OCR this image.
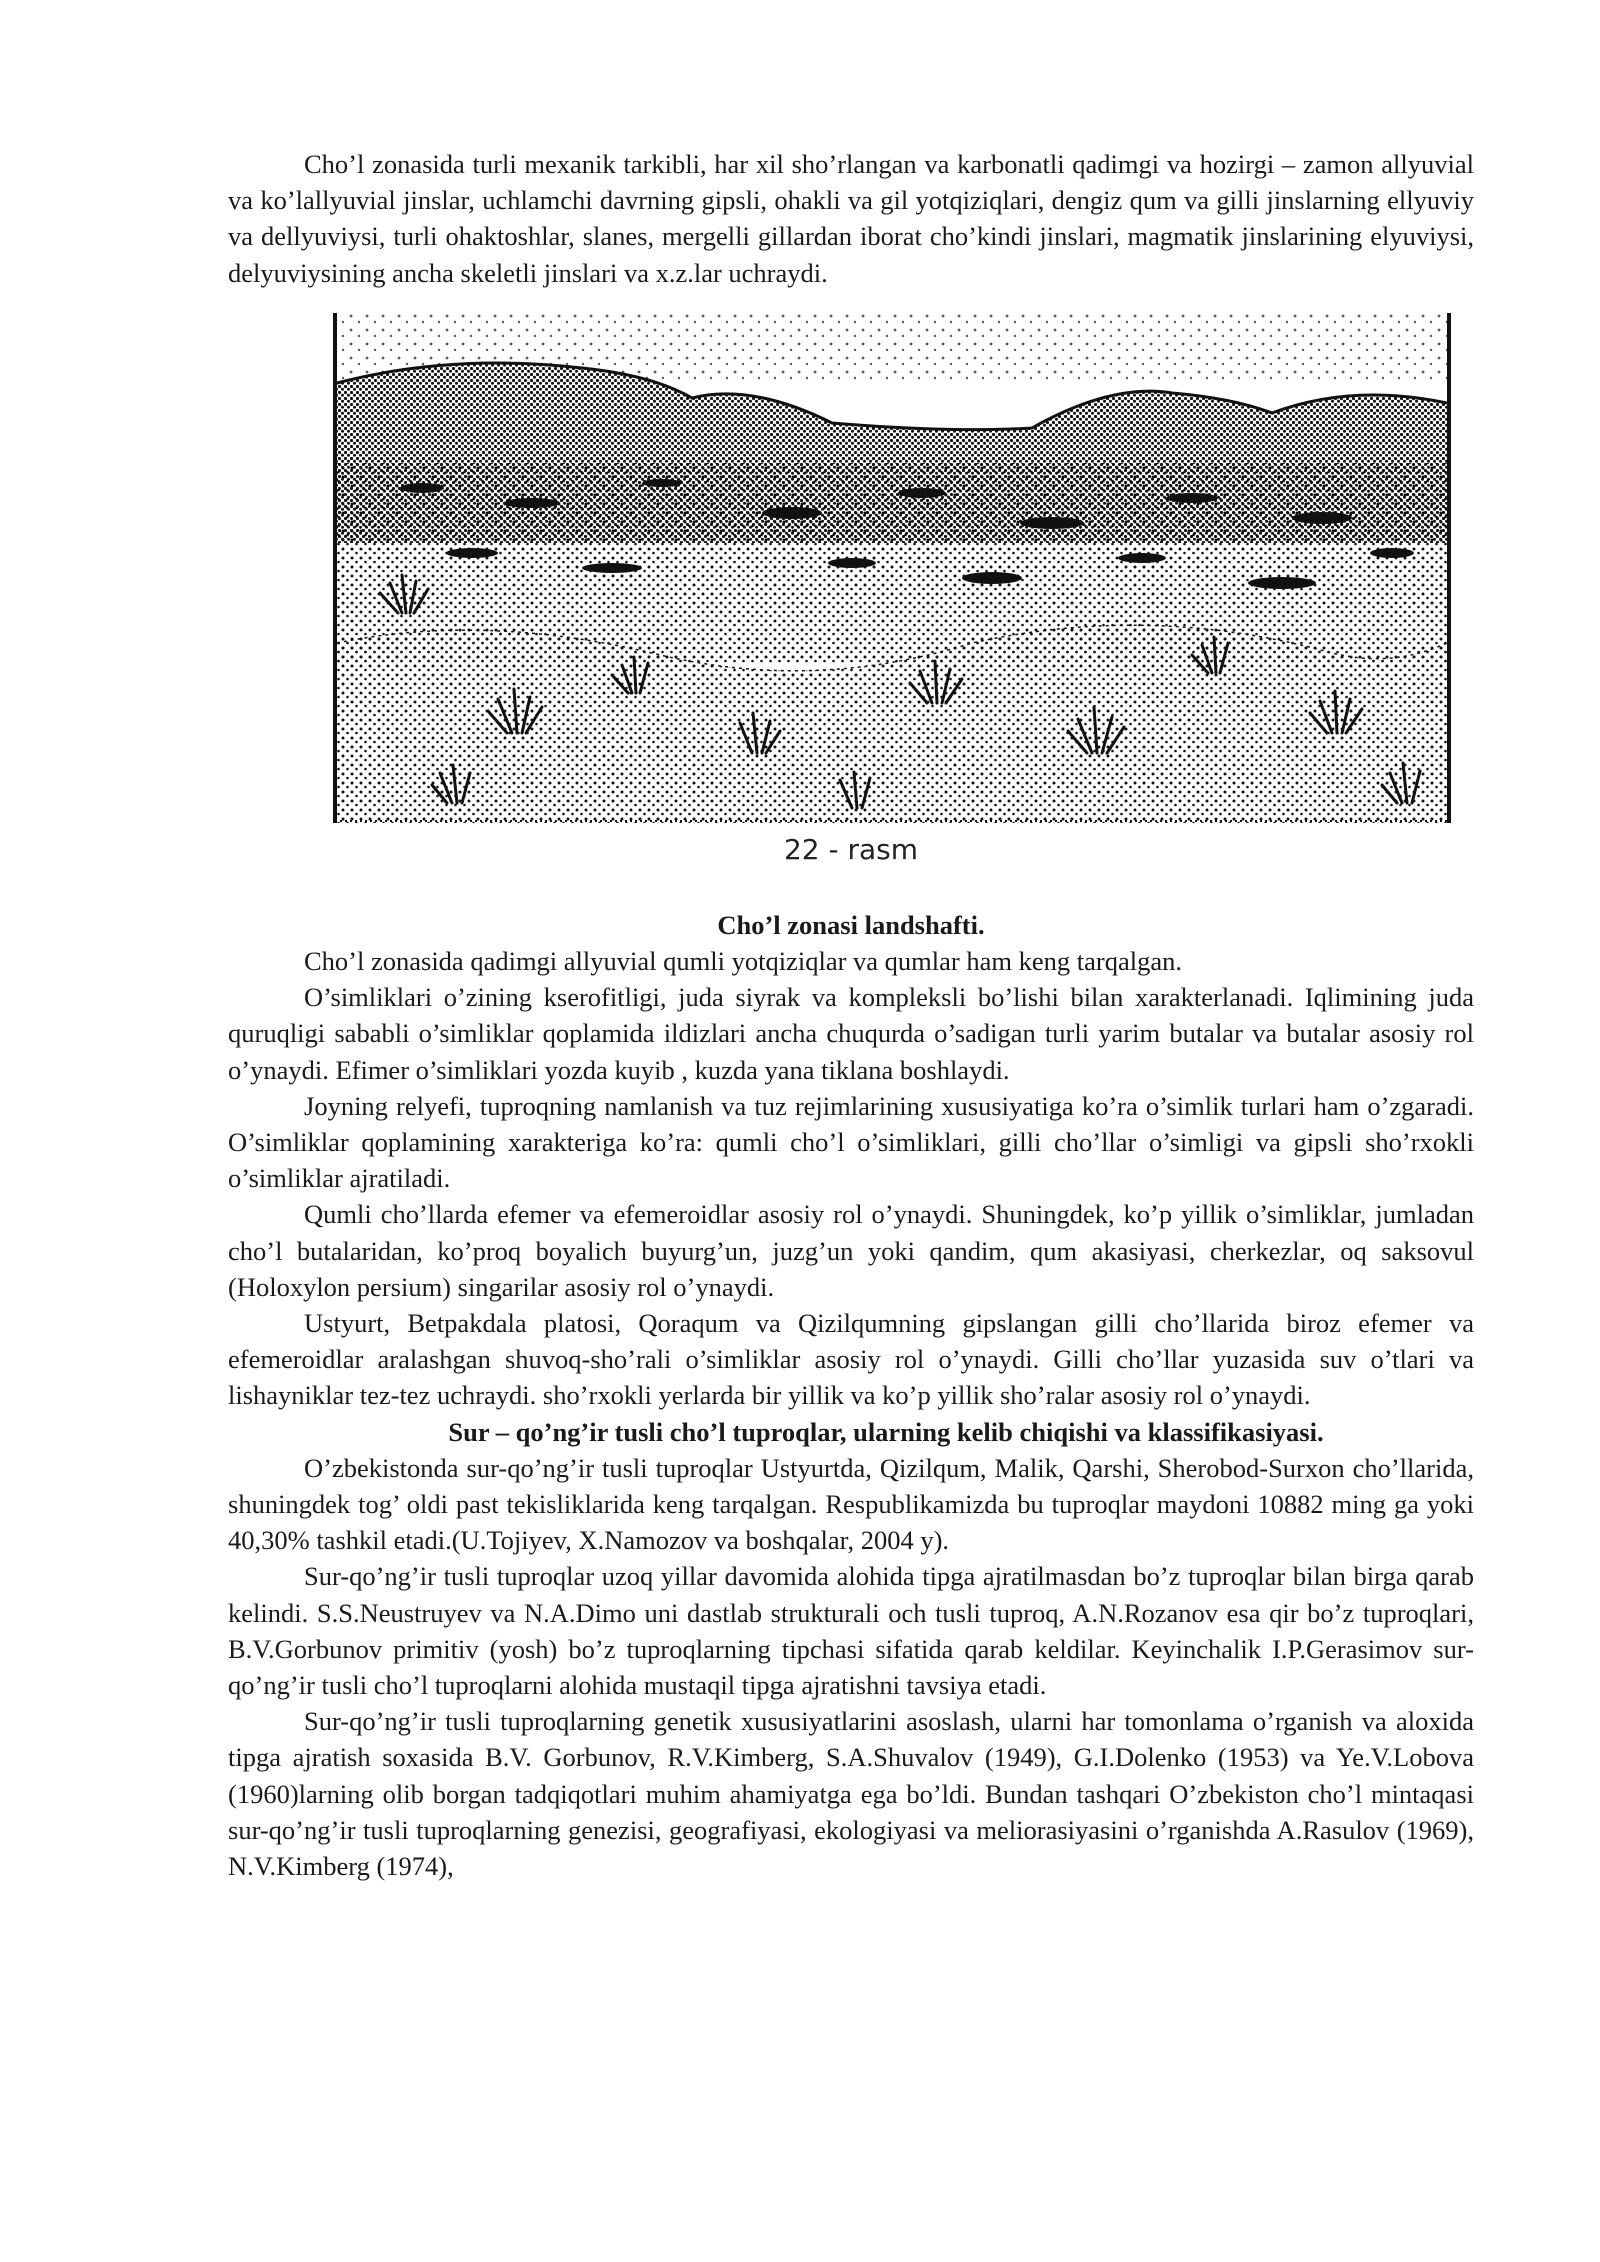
Cho’l zonasida turli mexanik tarkibli, har xil sho’rlangan va karbonatli qadimgi va hozirgi – zamon allyuvial va ko’lallyuvial jinslar, uchlamchi davrning gipsli, ohakli va gil yotqiziqlari, dengiz qum va gilli jinslarning ellyuviy va dellyuviysi, turli ohaktoshlar, slanes, mergelli gillardan iborat cho’kindi jinslari, magmatik jinslarining elyuviysi, delyuviysining ancha skeletli jinslari va x.z.lar uchraydi.

22 - rasm
Cho’l zonasi landshafti.

Cho’l zonasida qadimgi allyuvial qumli yotqiziqlar va qumlar ham keng tarqalgan.

O’simliklari o’zining kserofitligi, juda siyrak va kompleksli bo’lishi bilan xarakterlanadi. Iqlimining juda quruqligi sababli o’simliklar qoplamida ildizlari ancha chuqurda o’sadigan turli yarim butalar va butalar asosiy rol o’ynaydi. Efimer o’simliklari yozda kuyib , kuzda yana tiklana boshlaydi.

Joyning relyefi, tuproqning namlanish va tuz rejimlarining xususiyatiga ko’ra o’simlik turlari ham o’zgaradi. O’simliklar qoplamining xarakteriga ko’ra: qumli cho’l o’simliklari, gilli cho’llar o’simligi va gipsli sho’rxokli o’simliklar ajratiladi.

Qumli cho’llarda efemer va efemeroidlar asosiy rol o’ynaydi. Shuningdek, ko’p yillik o’simliklar, jumladan cho’l butalaridan, ko’proq boyalich buyurg’un, juzg’un yoki qandim, qum akasiyasi, cherkezlar, oq saksovul (Holoxylon persium) singarilar asosiy rol o’ynaydi.

Ustyurt, Betpakdala platosi, Qoraqum va Qizilqumning gipslangan gilli cho’llarida biroz efemer va efemeroidlar aralashgan shuvoq-sho’rali o’simliklar asosiy rol o’ynaydi. Gilli cho’llar yuzasida suv o’tlari va lishayniklar tez-tez uchraydi. sho’rxokli yerlarda bir yillik va ko’p yillik sho’ralar asosiy rol o’ynaydi.

Sur – qo’ng’ir tusli cho’l tuproqlar, ularning kelib chiqishi va klassifikasiyasi.

O’zbekistonda sur-qo’ng’ir tusli tuproqlar Ustyurtda, Qizilqum, Malik, Qarshi, Sherobod-Surxon cho’llarida, shuningdek tog’ oldi past tekisliklarida keng tarqalgan. Respublikamizda bu tuproqlar maydoni 10882 ming ga yoki 40,30% tashkil etadi.(U.Tojiyev, X.Namozov va boshqalar, 2004 y).

Sur-qo’ng’ir tusli tuproqlar uzoq yillar davomida alohida tipga ajratilmasdan bo’z tuproqlar bilan birga qarab kelindi. S.S.Neustruyev va N.A.Dimo uni dastlab strukturali och tusli tuproq, A.N.Rozanov esa qir bo’z tuproqlari, B.V.Gorbunov primitiv (yosh) bo’z tuproqlarning tipchasi sifatida qarab keldilar. Keyinchalik I.P.Gerasimov sur-qo’ng’ir tusli cho’l tuproqlarni alohida mustaqil tipga ajratishni tavsiya etadi.

Sur-qo’ng’ir tusli tuproqlarning genetik xususiyatlarini asoslash, ularni har tomonlama o’rganish va aloxida tipga ajratish soxasida B.V. Gorbunov, R.V.Kimberg, S.A.Shuvalov (1949), G.I.Dolenko (1953) va Ye.V.Lobova (1960)larning olib borgan tadqiqotlari muhim ahamiyatga ega bo’ldi. Bundan tashqari O’zbekiston cho’l mintaqasi sur-qo’ng’ir tusli tuproqlarning genezisi, geografiyasi, ekologiyasi va meliorasiyasini o’rganishda A.Rasulov (1969), N.V.Kimberg (1974),
